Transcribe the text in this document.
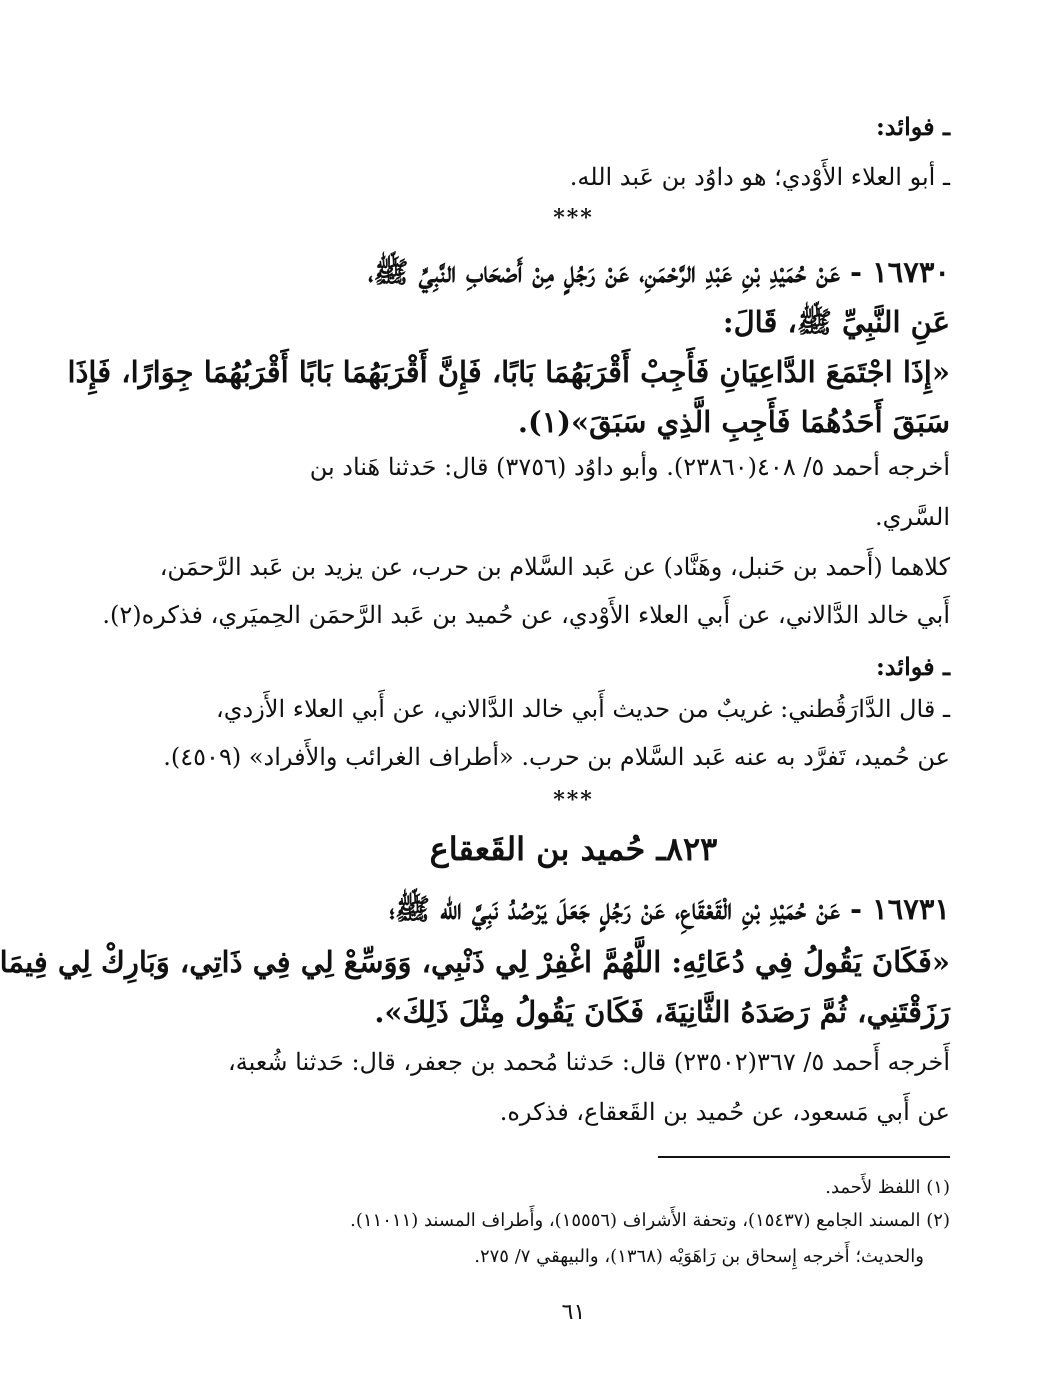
ـ فوائد:
ـ أبو العلاء الأَوْدي؛ هو داوُد بن عَبد الله.
***
١٦٧٣٠ - عَنْ حُمَيْدِ بْنِ عَبْدِ الرَّحْمَنِ، عَنْ رَجُلٍ مِنْ أَصْحَابِ النَّبِيِّ ﷺ،
عَنِ النَّبِيِّ ﷺ، قَالَ:
«إِذَا اجْتَمَعَ الدَّاعِيَانِ فَأَجِبْ أَقْرَبَهُمَا بَابًا، فَإِنَّ أَقْرَبَهُمَا بَابًا أَقْرَبُهُمَا جِوَارًا، فَإِذَا
سَبَقَ أَحَدُهُمَا فَأَجِبِ الَّذِي سَبَقَ»(١).
أخرجه أحمد ٥/ ٤٠٨(٢٣٨٦٠). وأبو داوُد (٣٧٥٦) قال: حَدثنا هَناد بن
السَّري.
كلاهما (أَحمد بن حَنبل، وهَنَّاد) عن عَبد السَّلام بن حرب، عن يزيد بن عَبد الرَّحمَن،
أَبي خالد الدَّالاني، عن أَبي العلاء الأَوْدي، عن حُميد بن عَبد الرَّحمَن الحِميَري، فذكره(٢).
ـ فوائد:
ـ قال الدَّارَقُطني: غريبٌ من حديث أَبي خالد الدَّالاني، عن أَبي العلاء الأَزدي،
عن حُميد، تَفرَّد به عنه عَبد السَّلام بن حرب. «أطراف الغرائب والأَفراد» (٤٥٠٩).
***
٨٢٣ـ حُميد بن القَعقاع
١٦٧٣١ - عَنْ حُمَيْدِ بْنِ الْقَعْقَاعِ، عَنْ رَجُلٍ جَعَلَ يَرْصُدُ نَبِيَّ الله ﷺ؛
«فَكَانَ يَقُولُ فِي دُعَائِهِ: اللَّهُمَّ اغْفِرْ لِي ذَنْبِي، وَوَسِّعْ لِي فِي ذَاتِي، وَبَارِكْ لِي فِيمَا
رَزَقْتَنِي، ثُمَّ رَصَدَهُ الثَّانِيَةَ، فَكَانَ يَقُولُ مِثْلَ ذَلِكَ».
أَخرجه أَحمد ٥/ ٣٦٧(٢٣٥٠٢) قال: حَدثنا مُحمد بن جعفر، قال: حَدثنا شُعبة،
عن أَبي مَسعود، عن حُميد بن القَعقاع، فذكره.
(١) اللفظ لأَحمد.
(٢) المسند الجامع (١٥٤٣٧)، وتحفة الأَشراف (١٥٥٥٦)، وأَطراف المسند (١١٠١١).
والحديث؛ أَخرجه إِسحاق بن رَاهَوَيْه (١٣٦٨)، والبيهقي ٧/ ٢٧٥.
٦١
